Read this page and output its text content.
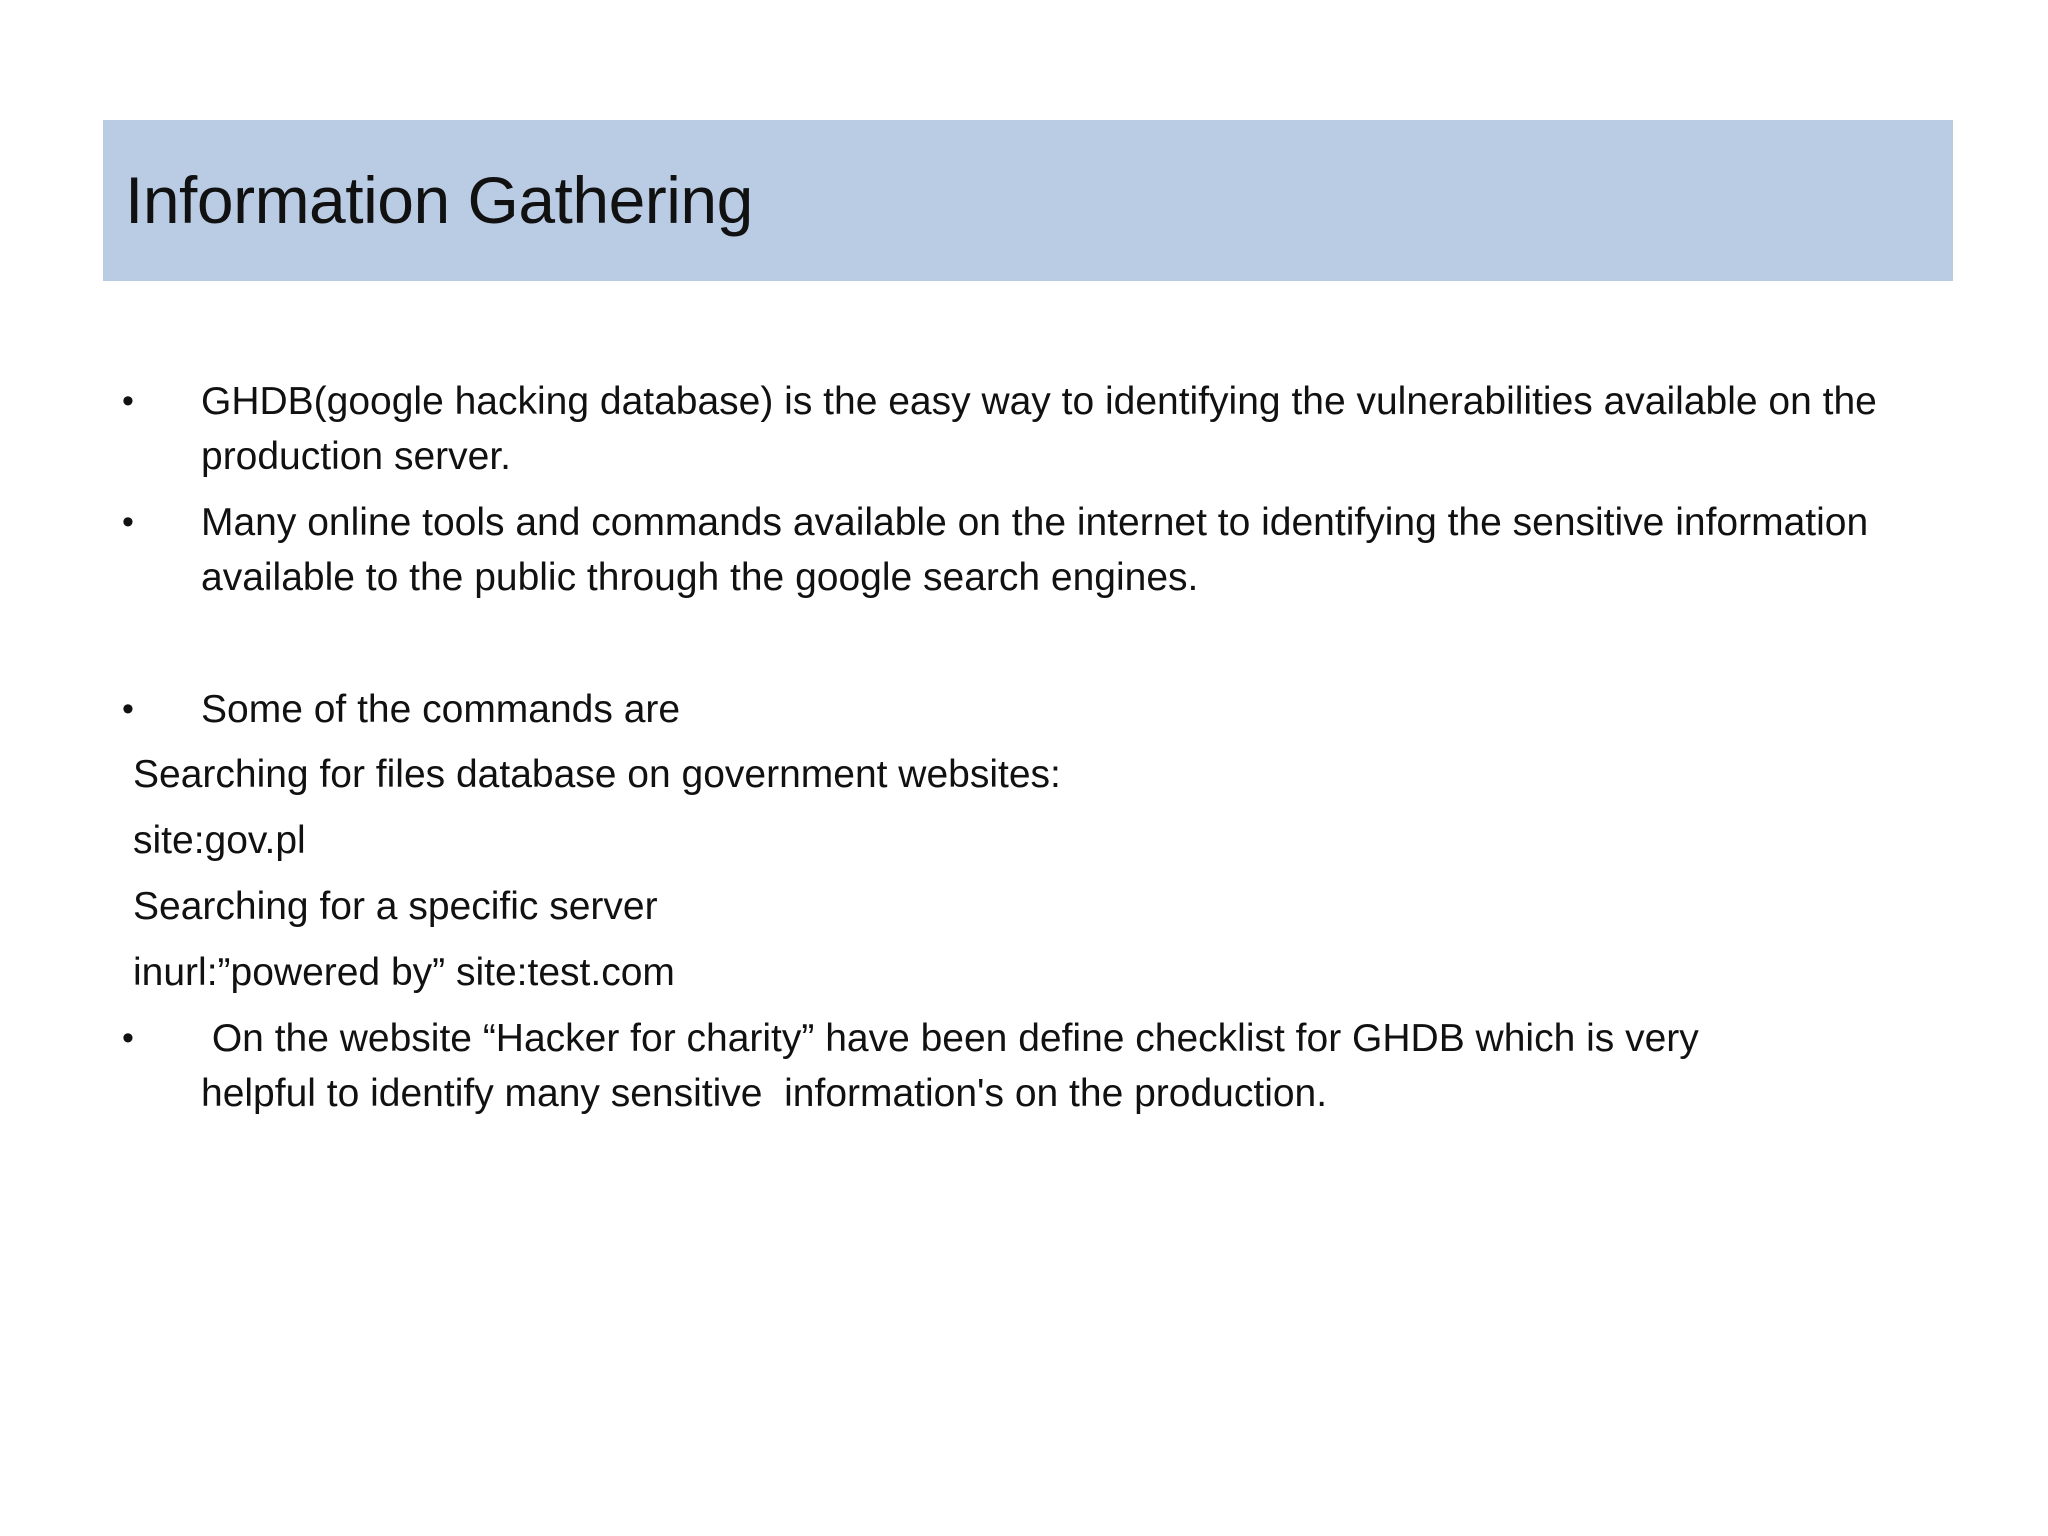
Information Gathering
• GHDB(google hacking database) is the easy way to identifying the vulnerabilities available on the production server.
• Many online tools and commands available on the internet to identifying the sensitive information available to the public through the google search engines.
• Some of the commands are
Searching for files database on government websites:
site:gov.pl
Searching for a specific server
inurl:”powered by” site:test.com
• On the website “Hacker for charity” have been define checklist for GHDB which is very
helpful to identify many sensitive  information's on the production.
